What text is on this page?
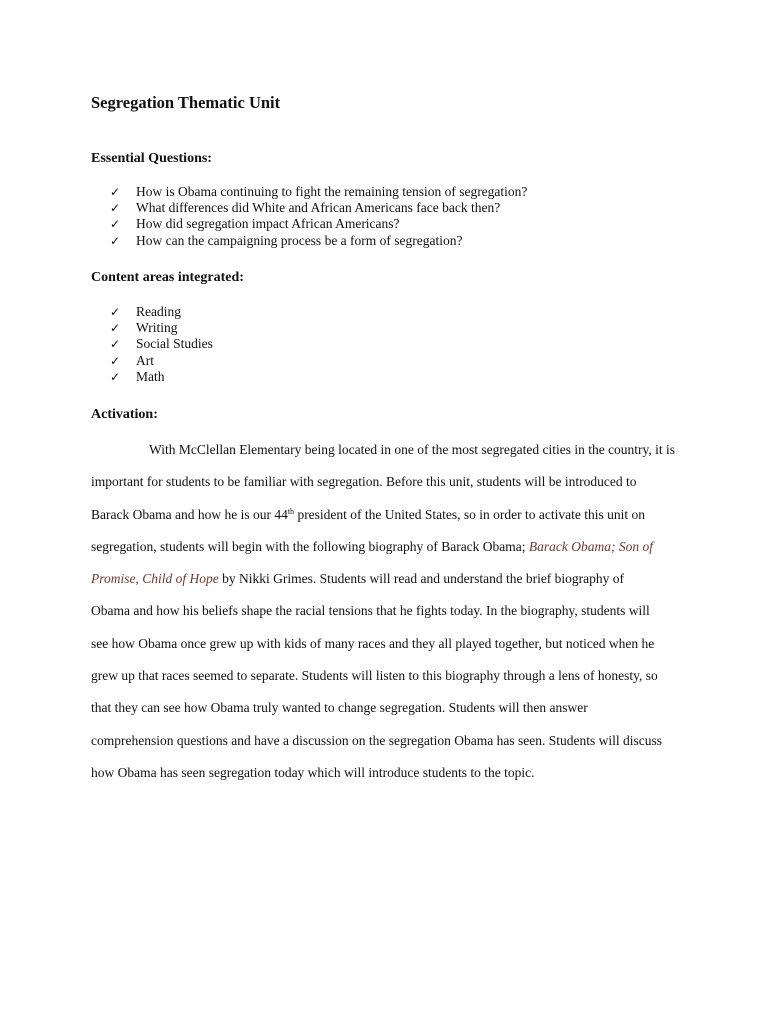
Segregation Thematic Unit
Essential Questions:
✓ How is Obama continuing to fight the remaining tension of segregation?
✓ What differences did White and African Americans face back then?
✓ How did segregation impact African Americans?
✓ How can the campaigning process be a form of segregation?
Content areas integrated:
✓ Reading
✓ Writing
✓ Social Studies
✓ Art
✓ Math
Activation:
With McClellan Elementary being located in one of the most segregated cities in the country, it is
important for students to be familiar with segregation. Before this unit, students will be introduced to
Barack Obama and how he is our 44th president of the United States, so in order to activate this unit on
segregation, students will begin with the following biography of Barack Obama; Barack Obama; Son of
Promise, Child of Hope by Nikki Grimes. Students will read and understand the brief biography of
Obama and how his beliefs shape the racial tensions that he fights today. In the biography, students will
see how Obama once grew up with kids of many races and they all played together, but noticed when he
grew up that races seemed to separate. Students will listen to this biography through a lens of honesty, so
that they can see how Obama truly wanted to change segregation. Students will then answer
comprehension questions and have a discussion on the segregation Obama has seen. Students will discuss
how Obama has seen segregation today which will introduce students to the topic.
